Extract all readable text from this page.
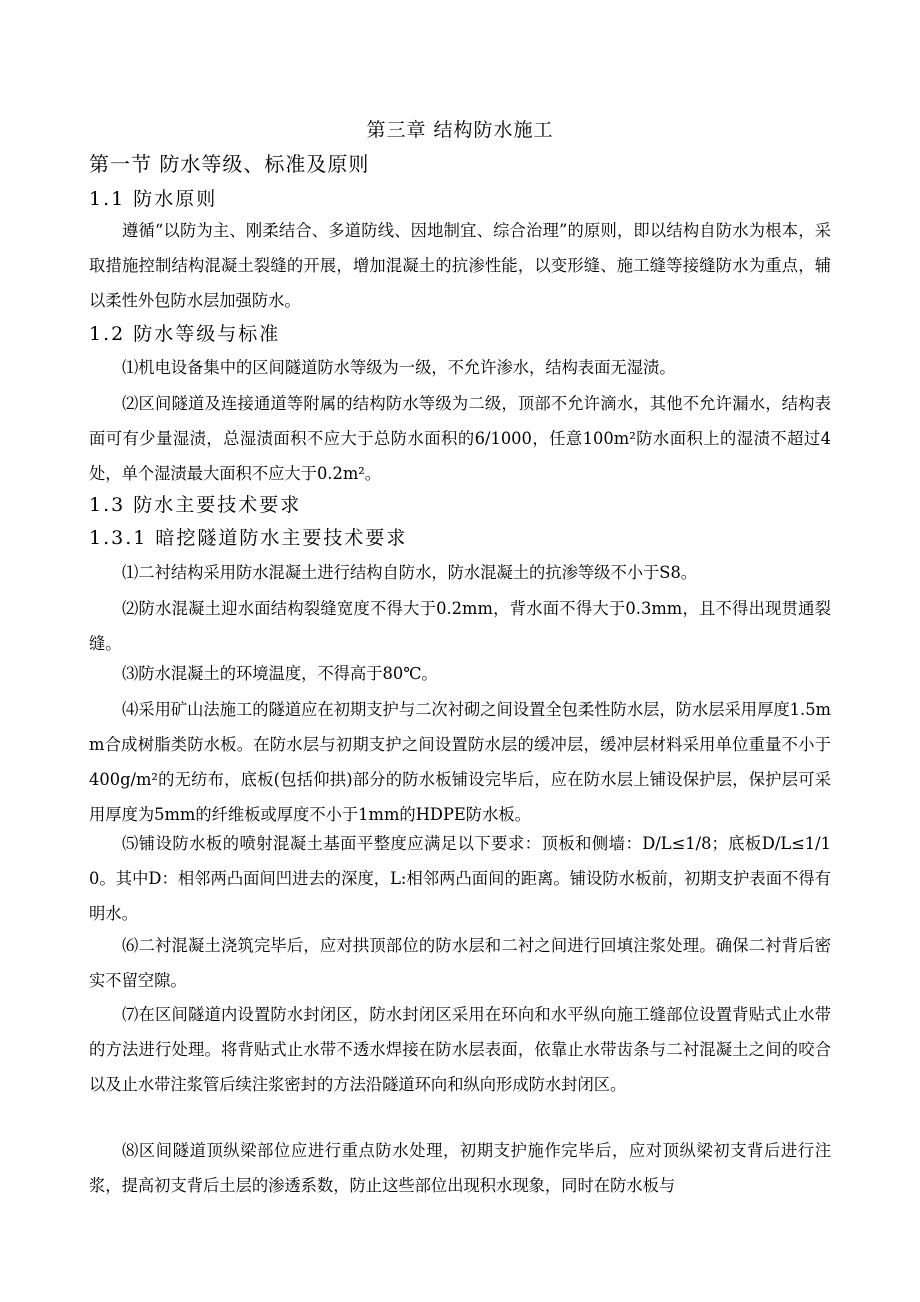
第三章 结构防水施工
第一节 防水等级、标准及原则
1.1 防水原则
遵循“以防为主、刚柔结合、多道防线、因地制宜、综合治理”的原则，即以结构自防水为根本，采取措施控制结构混凝土裂缝的开展，增加混凝土的抗渗性能，以变形缝、施工缝等接缝防水为重点，辅以柔性外包防水层加强防水。
1.2 防水等级与标准
⑴机电设备集中的区间隧道防水等级为一级，不允许渗水，结构表面无湿渍。
⑵区间隧道及连接通道等附属的结构防水等级为二级，顶部不允许滴水，其他不允许漏水，结构表面可有少量湿渍，总湿渍面积不应大于总防水面积的6/1000，任意100m²防水面积上的湿渍不超过4处，单个湿渍最大面积不应大于0.2m²。
1.3 防水主要技术要求
1.3.1 暗挖隧道防水主要技术要求
⑴二衬结构采用防水混凝土进行结构自防水，防水混凝土的抗渗等级不小于S8。
⑵防水混凝土迎水面结构裂缝宽度不得大于0.2mm，背水面不得大于0.3mm，且不得出现贯通裂缝。
⑶防水混凝土的环境温度，不得高于80℃。
⑷采用矿山法施工的隧道应在初期支护与二次衬砌之间设置全包柔性防水层，防水层采用厚度1.5mm合成树脂类防水板。在防水层与初期支护之间设置防水层的缓冲层，缓冲层材料采用单位重量不小于400g/m²的无纺布，底板(包括仰拱)部分的防水板铺设完毕后，应在防水层上铺设保护层，保护层可采用厚度为5mm的纤维板或厚度不小于1mm的HDPE防水板。
⑸铺设防水板的喷射混凝土基面平整度应满足以下要求：顶板和侧墙：D/L≤1/8；底板D/L≤1/10。其中D：相邻两凸面间凹进去的深度，L:相邻两凸面间的距离。铺设防水板前，初期支护表面不得有明水。
⑹二衬混凝土浇筑完毕后，应对拱顶部位的防水层和二衬之间进行回填注浆处理。确保二衬背后密实不留空隙。
⑺在区间隧道内设置防水封闭区，防水封闭区采用在环向和水平纵向施工缝部位设置背贴式止水带的方法进行处理。将背贴式止水带不透水焊接在防水层表面，依靠止水带齿条与二衬混凝土之间的咬合以及止水带注浆管后续注浆密封的方法沿隧道环向和纵向形成防水封闭区。
⑻区间隧道顶纵梁部位应进行重点防水处理，初期支护施作完毕后，应对顶纵梁初支背后进行注浆，提高初支背后土层的渗透系数，防止这些部位出现积水现象，同时在防水板与
